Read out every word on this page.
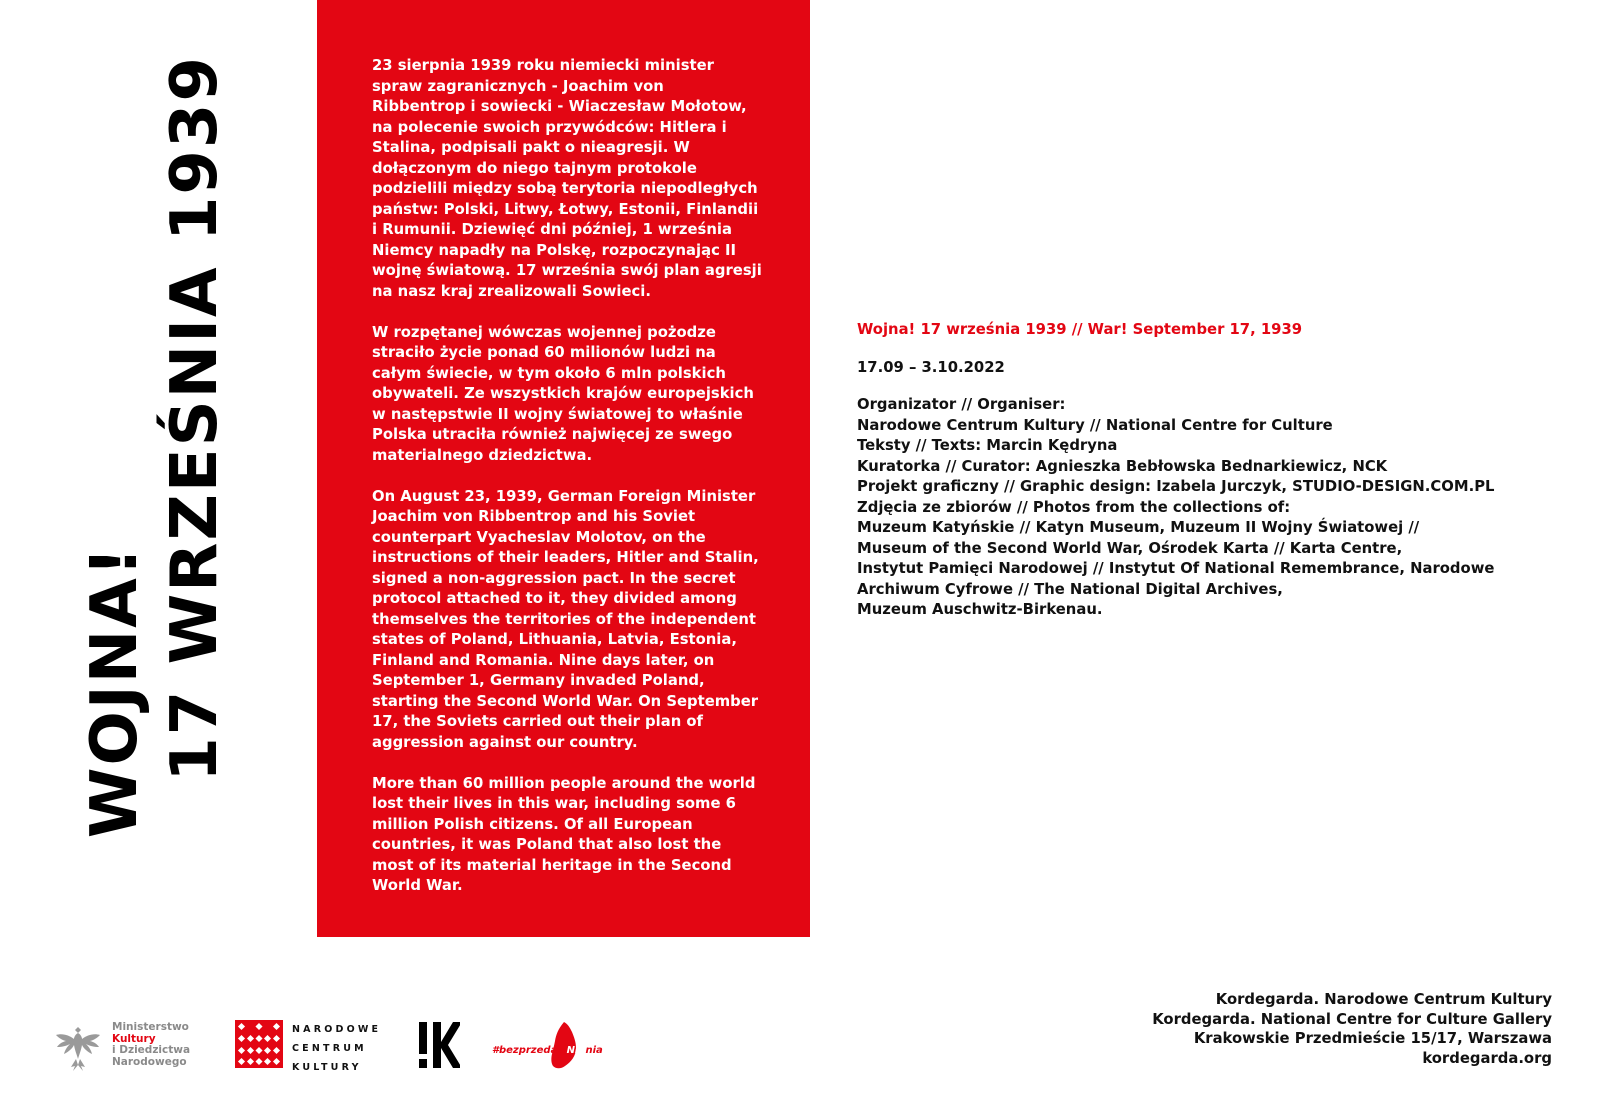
WOJNA! 17 WRZEŚNIA 1939	23 sierpnia 1939 roku niemiecki minister spraw zagranicznych - Joachim von Ribbentrop i sowiecki - Wiaczesław Mołotow, na polecenie swoich przywódców: Hitlera i Stalina, podpisali pakt o nieagresji. W dołączonym do niego tajnym protokole podzielili między sobą terytoria niepodległych państw: Polski, Litwy, Łotwy, Estonii, Finlandii i Rumunii. Dziewięć dni później, 1 września Niemcy napadły na Polskę, rozpoczynając II wojnę światową. 17 września swój plan agresji na nasz kraj zrealizowali Sowieci.

W rozpętanej wówczas wojennej pożodze straciło życie ponad 60 milionów ludzi na całym świecie, w tym około 6 mln polskich obywateli. Ze wszystkich krajów europejskich w następstwie II wojny światowej to właśnie Polska utraciła również najwięcej ze swego materialnego dziedzictwa.

On August 23, 1939, German Foreign Minister Joachim von Ribbentrop and his Soviet counterpart Vyacheslav Molotov, on the instructions of their leaders, Hitler and Stalin, signed a non-aggression pact. In the secret protocol attached to it, they divided among themselves the territories of the independent states of Poland, Lithuania, Latvia, Estonia, Finland and Romania. Nine days later, on September 1, Germany invaded Poland, starting the Second World War. On September 17, the Soviets carried out their plan of aggression against our country.

More than 60 million people around the world lost their lives in this war, including some 6 million Polish citizens. Of all European countries, it was Poland that also lost the most of its material heritage in the Second World War.

Wojna! 17 września 1939 // War! September 17, 1939
17.09 – 3.10.2022
Organizator // Organiser:
Narodowe Centrum Kultury // National Centre for Culture
Teksty // Texts: Marcin Kędryna
Kuratorka // Curator: Agnieszka Bebłowska Bednarkiewicz, NCK
Projekt graficzny // Graphic design: Izabela Jurczyk, STUDIO-DESIGN.COM.PL
Zdjęcia ze zbiorów // Photos from the collections of:
Muzeum Katyńskie // Katyn Museum, Muzeum II Wojny Światowej //
Museum of the Second World War, Ośrodek Karta // Karta Centre,
Instytut Pamięci Narodowej // Instytut Of National Remembrance, Narodowe
Archiwum Cyfrowe // The National Digital Archives,
Muzeum Auschwitz-Birkenau.
Kordegarda. Narodowe Centrum Kultury
Kordegarda. National Centre for Culture Gallery
Krakowskie Przedmieście 15/17, Warszawa
kordegarda.org
Ministerstwo
Kultury
i Dziedzictwa
Narodowego
NARODOWE
CENTRUM
KULTURY
#bezprzedawNIEnia
